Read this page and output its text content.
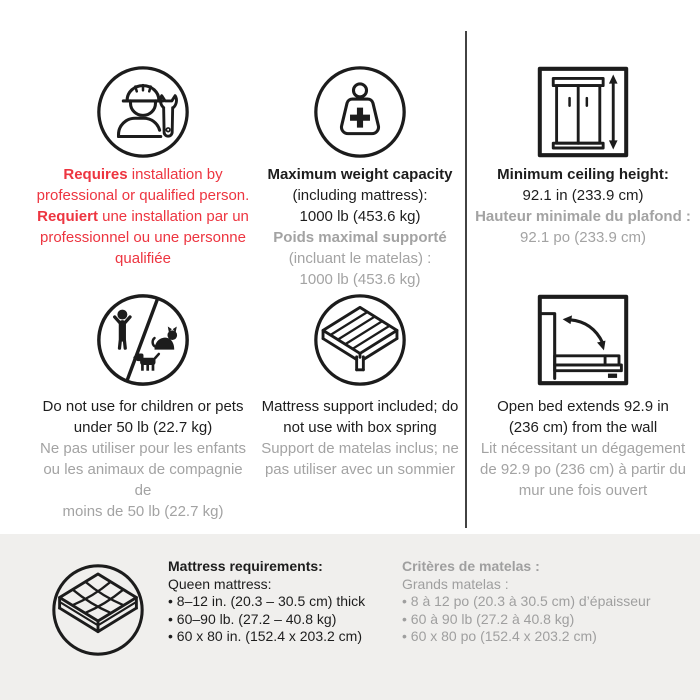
Requires installation by
professional or qualified person.
Requiert une installation par un
professionnel ou une personne
qualifiée
Maximum weight capacity
(including mattress):
1000 lb (453.6 kg)
Poids maximal supporté
(incluant le matelas) :
1000 lb (453.6 kg)
Minimum ceiling height:
92.1 in (233.9 cm)
Hauteur minimale du plafond :
92.1 po (233.9 cm)
Do not use for children or pets
under 50 lb (22.7 kg)
Ne pas utiliser pour les enfants
ou les animaux de compagnie de
moins de 50 lb (22.7 kg)
Mattress support included; do
not use with box spring
Support de matelas inclus; ne
pas utiliser avec un sommier
Open bed extends 92.9 in
(236 cm) from the wall
Lit nécessitant un dégagement
de 92.9 po (236 cm) à partir du
mur une fois ouvert

Mattress requirements:

Queen mattress:

• 8–12 in. (20.3 – 30.5 cm) thick

• 60–90 lb. (27.2 – 40.8 kg)

• 60 x 80 in. (152.4 x 203.2 cm)

Critères de matelas :

Grands matelas :

• 8 à 12 po (20.3 à 30.5 cm) d’épaisseur

• 60 à 90 lb (27.2 à 40.8 kg)

• 60 x 80 po (152.4 x 203.2 cm)
